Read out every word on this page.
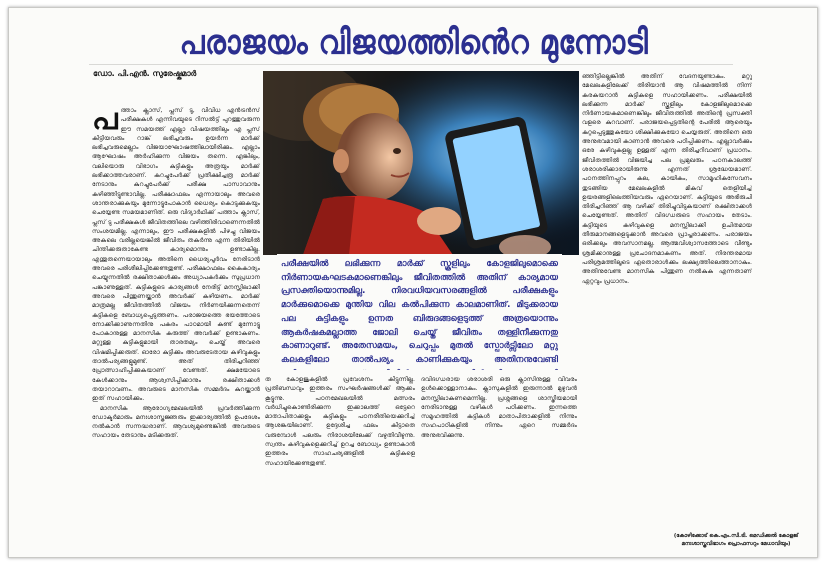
പരാജയം വിജയത്തിൻെറ മുന്നോടി
ഡോ. പി.എൻ. സുരേഷ്കുമാർ
പ ത്താം ക്ലാസ്, പ്ലസ് ടു, വിവിധ എൻട്രൻസ് പരീക്ഷകൾ എന്നിവയുടെ റിസൽട്ട് പുറത്തുവരുന്ന ഈ സമയത്ത് എല്ലാ വിഷയത്തിലും എ പ്ലസ് കിട്ടിയവരും റാങ്ക് ലഭിച്ചവരും ഉയർന്ന മാർക്ക് ലഭിച്ചവരുമെല്ലാം വിജയാഘോഷത്തിലായിരിക്കും. എല്ലാം ആഘോഷം അർഹിക്കുന്ന വിജയം തന്നെ. എങ്കിലും, വലിയൊരു വിഭാഗം കുട്ടികളും അത്രയും മാർക്ക് ലഭിക്കാത്തവരാണ്. കുറച്ചുപേർക്ക് പ്രതീക്ഷിച്ചത്ര മാർക്ക് നേടാനും കുറച്ചുപേർക്ക് പരീക്ഷ പാസാവാനും കഴിഞ്ഞിട്ടുണ്ടാവില്ല. പരീക്ഷാഫലം എന്നായാലും അവരെ ശാന്തരാക്കുകയും മുന്നോട്ടുപോകാൻ ധൈര്യം കൊടുക്കുകയും ചെയ്യേണ്ട സമയമാണിത്. ഒരു വിദ്യാർഥിക്ക് പത്താം ക്ലാസ്, പ്ലസ് ടു പരീക്ഷകൾ ജീവിതത്തിലെ വഴിത്തിരിവാണെന്നതിൽ സംശയമില്ല. എന്നാലും, ഈ പരീക്ഷകളിൽ പിഴച്ചു വിജയം അകലെ വരില്ലയെങ്കിൽ ജീവിതം തകർന്നു എന്ന തിരിയിൽ ചിന്തിക്കരുതാകേണ്ട കാര്യമൊന്നും ഉണ്ടാകില്ല. എന്തുതന്നെയായാലും അതിനെ ധൈര്യപൂർവം നേരിടാൻ അവരെ പരിശീലിപ്പിക്കേണ്ടതുണ്ട്. പരീക്ഷാഫലം കൈകാര്യം ചെയ്യുന്നതിൽ രക്ഷിതാക്കൾക്കും അധ്യാപകർക്കും സുപ്രധാന പങ്കാണുള്ളത്. കുട്ടികളുടെ കാര്യങ്ങൾ നേരിട്ട് മനസ്സിലാക്കി അവരെ പിന്തുണയ്ക്കാൻ അവർക്ക് കഴിയണം. മാർക്ക് മാത്രമല്ല ജീവിതത്തിൽ വിജയം നിർണയിക്കുന്നതെന്ന് കുട്ടികളെ ബോധ്യപ്പെടുത്തണം. പരാജയത്തെ ഭയത്തോടെ നോക്കിക്കാണുന്നതിനു പകരം പാഠമായി കണ്ട് മുന്നോട്ടു പോകാനുള്ള മാനസിക കരുത്ത് അവർക്ക് ഉണ്ടാകണം. മറ്റുള്ള കുട്ടികളുമായി താരതമ്യം ചെയ്ത് അവരെ വിഷമിപ്പിക്കരുത്. ഓരോ കുട്ടിക്കും അവരുടേതായ കഴിവുകളും താൽപര്യങ്ങളുമുണ്ട്. അത് തിരിച്ചറിഞ്ഞ് പ്രോത്സാഹിപ്പിക്കുകയാണ് വേണ്ടത്. ക്ഷമയോടെ കേൾക്കാനും ആശ്വസിപ്പിക്കാനും രക്ഷിതാക്കൾ തയാറാവണം. അവരുടെ മാനസിക സമ്മർദം കുറയ്ക്കാൻ ഇത് സഹായിക്കും.

മാനസിക ആരോഗ്യമേഖലയിൽ പ്രവർത്തിക്കുന്ന ഡോക്ടർമാരും മനഃശാസ്ത്രജ്ഞരും ഇക്കാര്യത്തിൽ ഉപദേശം നൽകാൻ സന്നദ്ധരാണ്. ആവശ്യമുണ്ടെങ്കിൽ അവരുടെ സഹായം തേടാനും മടിക്കരുത്.

ഞ്ഞിട്ടില്ലെങ്കിൽ അതിന് വേദനയുണ്ടാകും. മറ്റു മേഖലകളിലേക്ക് തിരിയാൻ ആ വിഷമത്തിൽ നിന്ന് കരകയറാൻ കുട്ടികളെ സഹായിക്കണം. പരീക്ഷയിൽ ലഭിക്കുന്ന മാർക്ക് സ്കൂളിലും കോളജിലുമൊക്കെ നിർണായകമാണെങ്കിലും ജീവിതത്തിൽ അതിന്റെ പ്രസക്തി വളരെ കുറവാണ്. പരാജയപ്പെട്ടതിന്റെ പേരിൽ ആരെയും കുറ്റപ്പെടുത്തുകയോ ശിക്ഷിക്കുകയോ ചെയ്യരുത്. അതിനെ ഒരു അനുഭവമായി കാണാൻ അവരെ പഠിപ്പിക്കണം. എല്ലാവർക്കും ഒരേ കഴിവുകളല്ല ഉള്ളത് എന്ന തിരിച്ചറിവാണ് പ്രധാനം. ജീവിതത്തിൽ വിജയിച്ച പല പ്രമുഖരും പഠനകാലത്ത് ശരാശരിക്കാരായിരുന്നു എന്നത് ശ്രദ്ധേയമാണ്. പഠനത്തിനപ്പുറം കല, കായികം, സാമൂഹികസേവനം തുടങ്ങിയ മേഖലകളിൽ മികവ് തെളിയിച്ച് ഉയരങ്ങളിലെത്തിയവരും ഏറെയാണ്. കുട്ടിയുടെ അഭിരുചി തിരിച്ചറിഞ്ഞ് ആ വഴിക്ക് തിരിച്ചുവിടുകയാണ് രക്ഷിതാക്കൾ ചെയ്യേണ്ടത്. അതിന് വിദഗ്ധരുടെ സഹായം തേടാം. കുട്ടിയുടെ കഴിവുകളെ മനസ്സിലാക്കി ഉചിതമായ തീരുമാനങ്ങളെടുക്കാൻ അവരെ പ്രാപ്തരാക്കണം. പരാജയം ഒരിക്കലും അവസാനമല്ല. ആത്മവിശ്വാസത്തോടെ വീണ്ടും ശ്രമിക്കാനുള്ള പ്രചോദനമാകണം അത്. നിരന്തരമായ പരിശ്രമത്തിലൂടെ ഏതൊരാൾക്കും ലക്ഷ്യത്തിലെത്താനാകും. അതിനുവേണ്ട മാനസിക പിന്തുണ നൽകുക എന്നതാണ് ഏറ്റവും പ്രധാനം.

പരീക്ഷയിൽ ലഭിക്കുന്ന മാർക്ക് സ്കൂളിലും കോളജിലുമൊക്കെ നിർണായകഘടകമാണെങ്കിലും ജീവിതത്തിൽ അതിന് കാര്യമായ പ്രസക്തിയൊന്നുമില്ല. നിരവധിയവസരങ്ങളിൽ പരീക്ഷകളും മാർക്കുമൊക്കെ മുന്തിയ വില കൽപിക്കുന്ന കാലമാണിത്. മിടുക്കരായ പല കുട്ടികളും ഉന്നത ബിരുദങ്ങളെടുത്ത് അത്രയൊന്നും ആകർഷകമല്ലാത്ത ജോലി ചെയ്ത് ജീവിതം തള്ളിനീക്കുന്നതു കാണാറുണ്ട്. അതേസമയം, ചെറുപ്പം മുതൽ സ്പോർട്സിലോ മറ്റു കലകളിലോ താൽപര്യം കാണിക്കുകയും അതിനനുവേണ്ടി

ത കോളജുകളിൽ പ്രവേശനം കിട്ടുന്നില്ല. പ്രതിബന്ധവും ഇത്തരം സംഘർഷങ്ങൾക്ക് ആക്കം കൂട്ടുന്നു. പഠനമേഖലയിൽ മത്സരം വർധിച്ചുകൊണ്ടിരിക്കുന്ന ഇക്കാലത്ത് ഒട്ടേറെ മാതാപിതാക്കളും കുട്ടികളും പഠനരീതിയെക്കുറിച്ച് ആശങ്കയിലാണ്. ഉദ്ദേശിച്ച ഫലം കിട്ടാതെ വരുമ്പോൾ പലരും നിരാശയിലേക്ക് വഴുതിവീഴുന്നു. സ്വന്തം കഴിവുകളെക്കുറിച്ച് ഉറച്ച ബോധ്യം ഉണ്ടാകാൻ ഇത്തരം സാഹചര്യങ്ങളിൽ കുട്ടികളെ സഹായിക്കേണ്ടതുണ്ട്.

ദവിദഗ്ധരായ ശരാശരി ഒരു ക്ലാസിനുള്ള വിവരം ഉൾക്കൊള്ളാനാകും. ക്ലാസുകളിൽ ഇരുന്നാൽ മുഴുവൻ മനസ്സിലാകണമെന്നില്ല. പ്രശ്നങ്ങളെ ശാസ്ത്രീയമായി നേരിടാനുള്ള വഴികൾ പഠിക്കണം. ഇന്നത്തെ സമൂഹത്തിൽ കുട്ടികൾ മാതാപിതാക്കളിൽ നിന്നും സഹപാഠികളിൽ നിന്നും ഏറെ സമ്മർദം അനുഭവിക്കുന്നു.

(കോഴിക്കോട് കെ.എം.സി.ടി. മെഡിക്കൽ കോളജ് മനഃശാസ്ത്രവിഭാഗം പ്രൊഫസറും മേധാവിയും)
